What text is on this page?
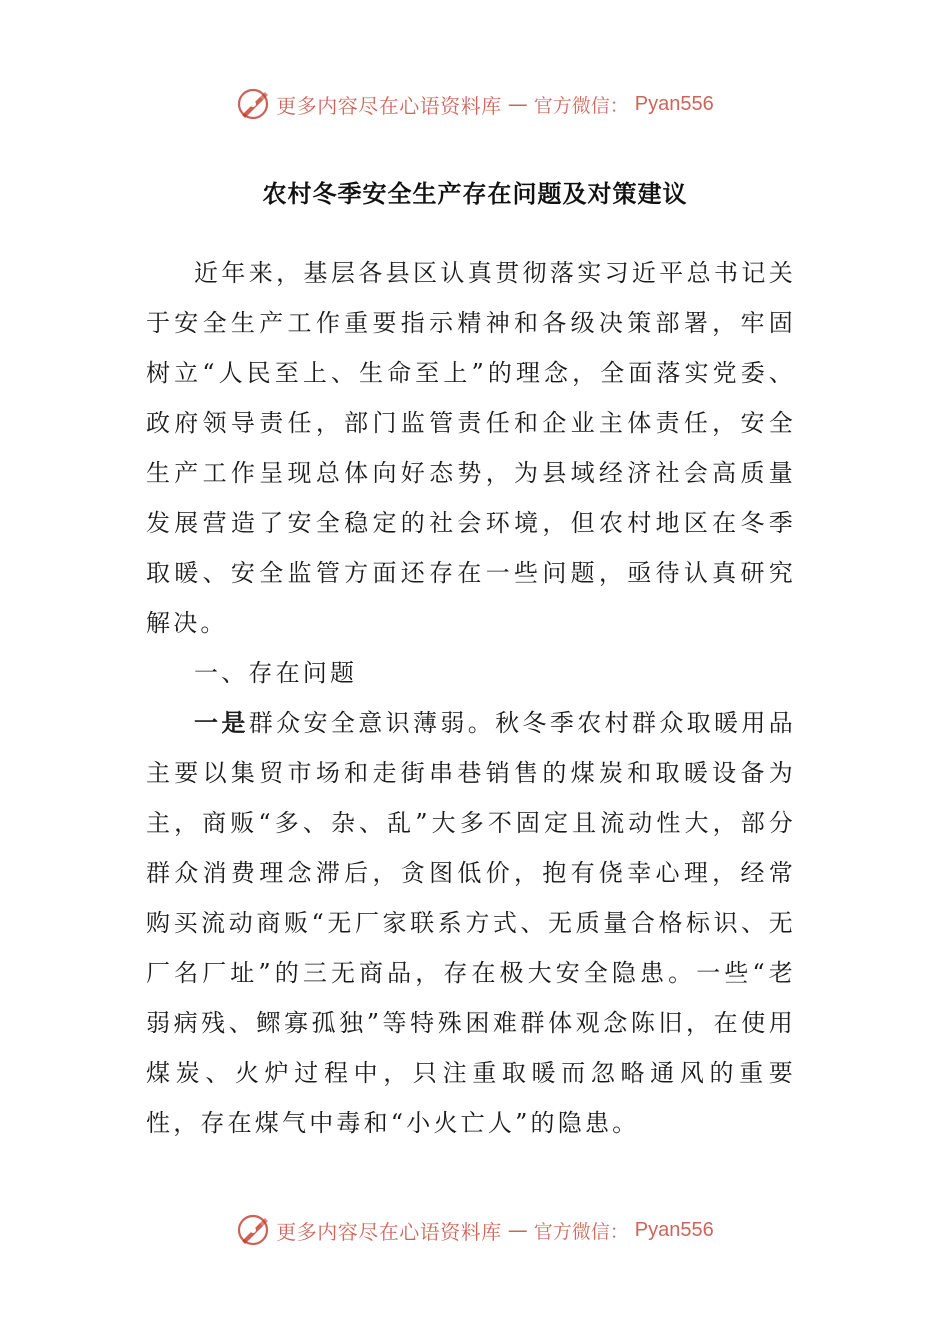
更多内容尽在心语资料库 — 官方微信： Pyan556
农村冬季安全生产存在问题及对策建议

近年来，基层各县区认真贯彻落实习近平总书记关于安全生产工作重要指示精神和各级决策部署，牢固树立“人民至上、生命至上”的理念，全面落实党委、政府领导责任，部门监管责任和企业主体责任，安全生产工作呈现总体向好态势，为县域经济社会高质量发展营造了安全稳定的社会环境，但农村地区在冬季取暖、安全监管方面还存在一些问题，亟待认真研究解决。

一、存在问题

一是群众安全意识薄弱。秋冬季农村群众取暖用品主要以集贸市场和走街串巷销售的煤炭和取暖设备为主，商贩“多、杂、乱”大多不固定且流动性大，部分群众消费理念滞后，贪图低价，抱有侥幸心理，经常购买流动商贩“无厂家联系方式、无质量合格标识、无厂名厂址”的三无商品，存在极大安全隐患。一些“老弱病残、鳏寡孤独”等特殊困难群体观念陈旧，在使用煤炭、火炉过程中，只注重取暖而忽略通风的重要性，存在煤气中毒和“小火亡人”的隐患。

更多内容尽在心语资料库 — 官方微信： Pyan556
